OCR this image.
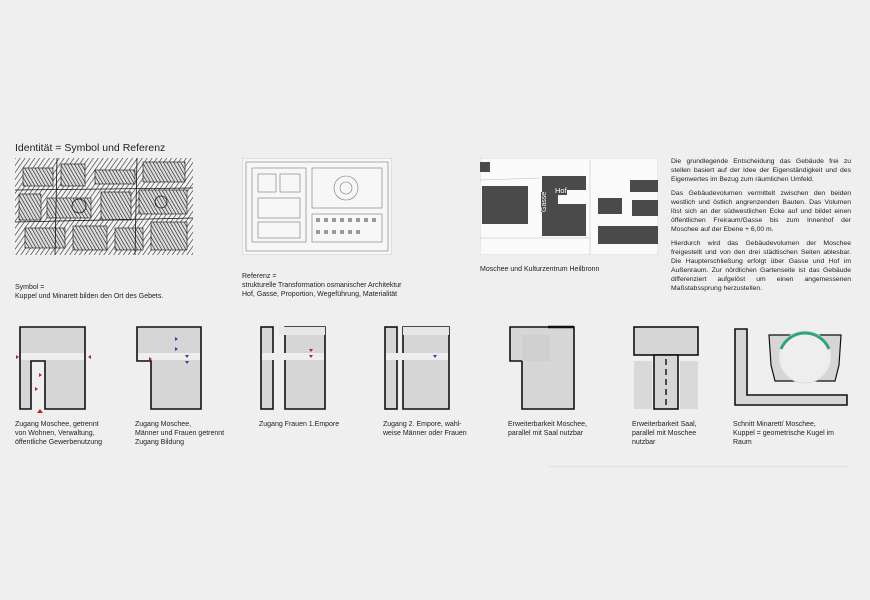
Identität = Symbol und Referenz
Hof
Gasse
Symbol =
Kuppel und Minarett bilden den Ort des Gebets.
Referenz =
strukturelle Transformation osmanischer Architektur
Hof, Gasse, Proportion, Wegeführung, Materialität
Moschee und Kulturzentrum Heilbronn

Die grundlegende Entscheidung das Gebäude frei zu stellen basiert auf der Idee der Eigenständigkeit und des Eigenwertes im Bezug zum räumlichen Umfeld.

Das Gebäudevolumen vermittelt zwischen den beiden westlich und östlich angrenzenden Bauten. Das Volumen löst sich an der südwestlichen Ecke auf und bildet einen öffentlichen Freiraum/Gasse bis zum Innenhof der Moschee auf der Ebene + 6,00 m.

Hierdurch wird das Gebäudevolumen der Moschee freigestellt und von den drei städtischen Seiten ablesbar. Die Haupterschließung erfolgt über Gasse und Hof im Außenraum. Zur nördlichen Gartenseite ist das Gebäude differenziert aufgelöst um einen angemessenen Maßstabssprung herzustellen.

Zugang Moschee, getrennt
von Wohnen, Verwaltung,
öffentliche Gewerbenutzung
Zugang Moschee,
Männer und Frauen getrennt
Zugang Bildung
Zugang Frauen 1.Empore	Zugang 2. Empore, wahl-
weise Männer oder Frauen
Erweiterbarkeit Moschee,
parallel mit Saal nutzbar
Erweiterbarkeit Saal,
parallel mit Moschee
nutzbar
Schnitt Minarett/ Moschee,
Kuppel = geometrische Kugel im
Raum
